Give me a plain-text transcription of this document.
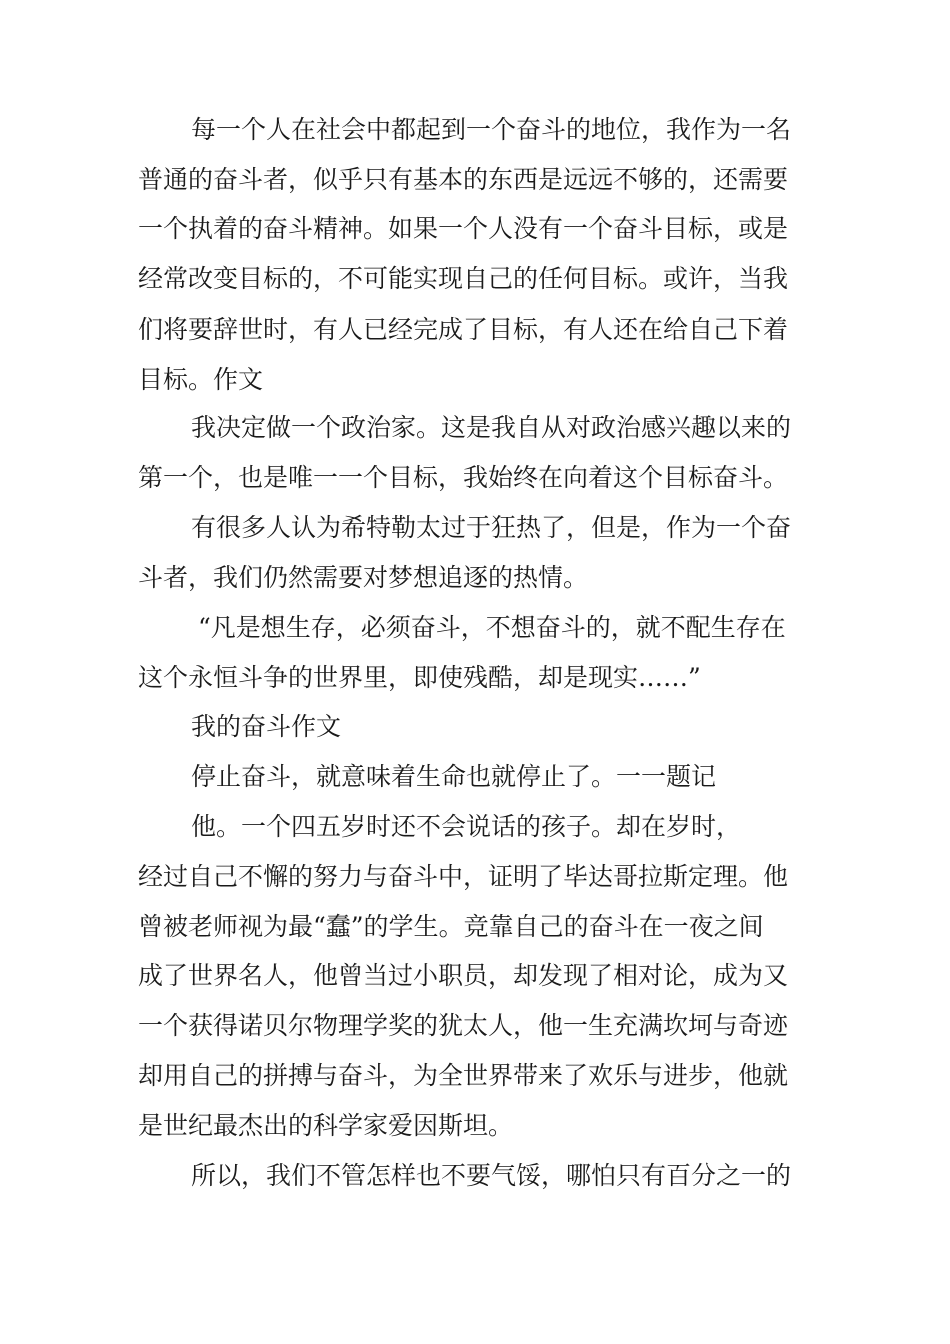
每一个人在社会中都起到一个奋斗的地位，我作为一名

普通的奋斗者，似乎只有基本的东西是远远不够的，还需要

一个执着的奋斗精神。如果一个人没有一个奋斗目标，或是

经常改变目标的，不可能实现自己的任何目标。或许，当我

们将要辞世时，有人已经完成了目标，有人还在给自己下着

目标。作文

我决定做一个政治家。这是我自从对政治感兴趣以来的

第一个，也是唯一一个目标，我始终在向着这个目标奋斗。

有很多人认为希特勒太过于狂热了，但是，作为一个奋

斗者，我们仍然需要对梦想追逐的热情。

“凡是想生存，必须奋斗，不想奋斗的，就不配生存在

这个永恒斗争的世界里，即使残酷，却是现实……”

我的奋斗作文

停止奋斗，就意味着生命也就停止了。一一题记

他。一个四五岁时还不会说话的孩子。却在岁时，

经过自己不懈的努力与奋斗中，证明了毕达哥拉斯定理。他

曾被老师视为最“蠢”的学生。竞靠自己的奋斗在一夜之间

成了世界名人，他曾当过小职员，却发现了相对论，成为又

一个获得诺贝尔物理学奖的犹太人，他一生充满坎坷与奇迹

却用自己的拼搏与奋斗，为全世界带来了欢乐与进步，他就

是世纪最杰出的科学家爱因斯坦。

所以，我们不管怎样也不要气馁，哪怕只有百分之一的
